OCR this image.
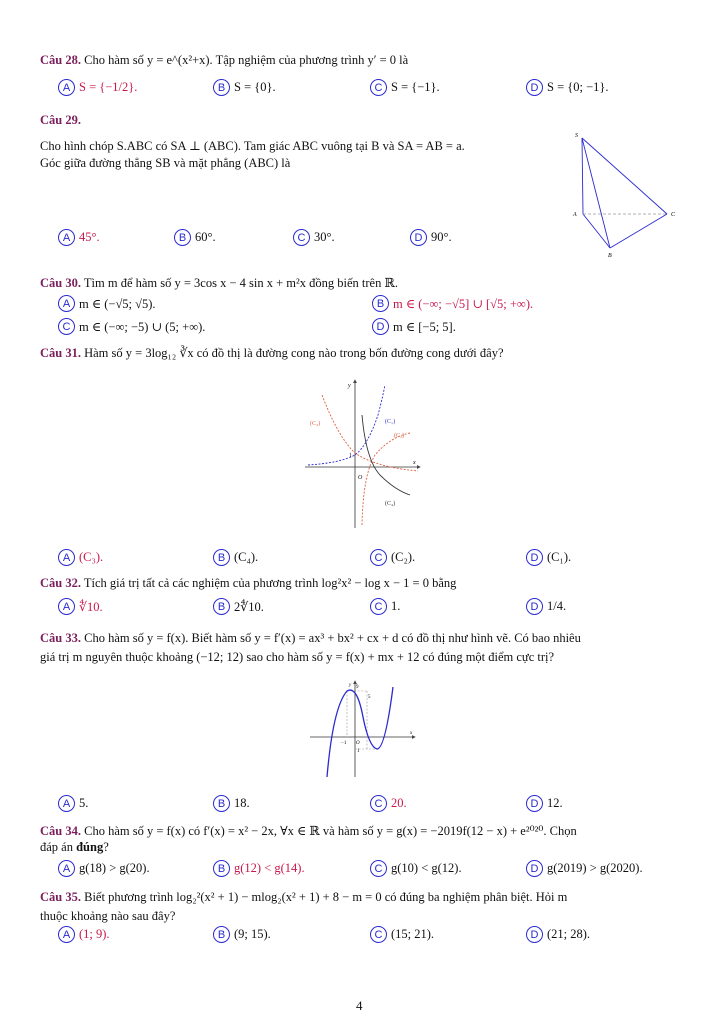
Câu 28. Cho hàm số y = e^(x²+x). Tập nghiệm của phương trình y′ = 0 là
A S = {−1/2}.	B S = {0}.	C S = {−1}.	D S = {0; −1}.
Câu 29.
Cho hình chóp S.ABC có SA ⊥ (ABC). Tam giác ABC vuông tại B và SA = AB = a.
Góc giữa đường thẳng SB và mặt phẳng (ABC) là
A 45°.	B 60°.	C 30°.	D 90°.
S
A
B
C
Câu 30. Tìm m để hàm số y = 3cos x − 4 sin x + m²x đồng biến trên ℝ.
A m ∈ (−√5; √5).	B m ∈ (−∞; −√5] ∪ [√5; +∞).
C m ∈ (−∞; −5) ∪ (5; +∞).	D m ∈ [−5; 5].
Câu 31. Hàm số y = 3log₁₂ ∛x có đồ thị là đường cong nào trong bốn đường cong dưới đây?
(C₃)	(C₁)
(C₂)
(C₄)
y
x
O
1
A (C₃).	B (C₄).	C (C₂).	D (C₁).
Câu 32. Tích giá trị tất cả các nghiệm của phương trình log²x² − log x − 1 = 0 bằng
A ∜10.	B 2∜10.	C 1.	D 1/4.
Câu 33. Cho hàm số y = f(x). Biết hàm số y = f′(x) = ax³ + bx² + cx + d có đồ thị như hình vẽ. Có bao nhiêu
giá trị m nguyên thuộc khoảng (−12; 12) sao cho hàm số y = f(x) + mx + 12 có đúng một điểm cực trị?
y
x
9
5
1
−1 O
A 5.	B 18.	C 20.	D 12.
Câu 34. Cho hàm số y = f(x) có f′(x) = x² − 2x, ∀x ∈ ℝ và hàm số y = g(x) = −2019f(12 − x) + e²⁰²⁰. Chọn
đáp án đúng?
A g(18) > g(20).	B g(12) < g(14).	C g(10) < g(12).	D g(2019) > g(2020).
Câu 35. Biết phương trình log₂²(x² + 1) − mlog₂(x² + 1) + 8 − m = 0 có đúng ba nghiệm phân biệt. Hỏi m
thuộc khoảng nào sau đây?
A (1; 9).	B (9; 15).	C (15; 21).	D (21; 28).
4
